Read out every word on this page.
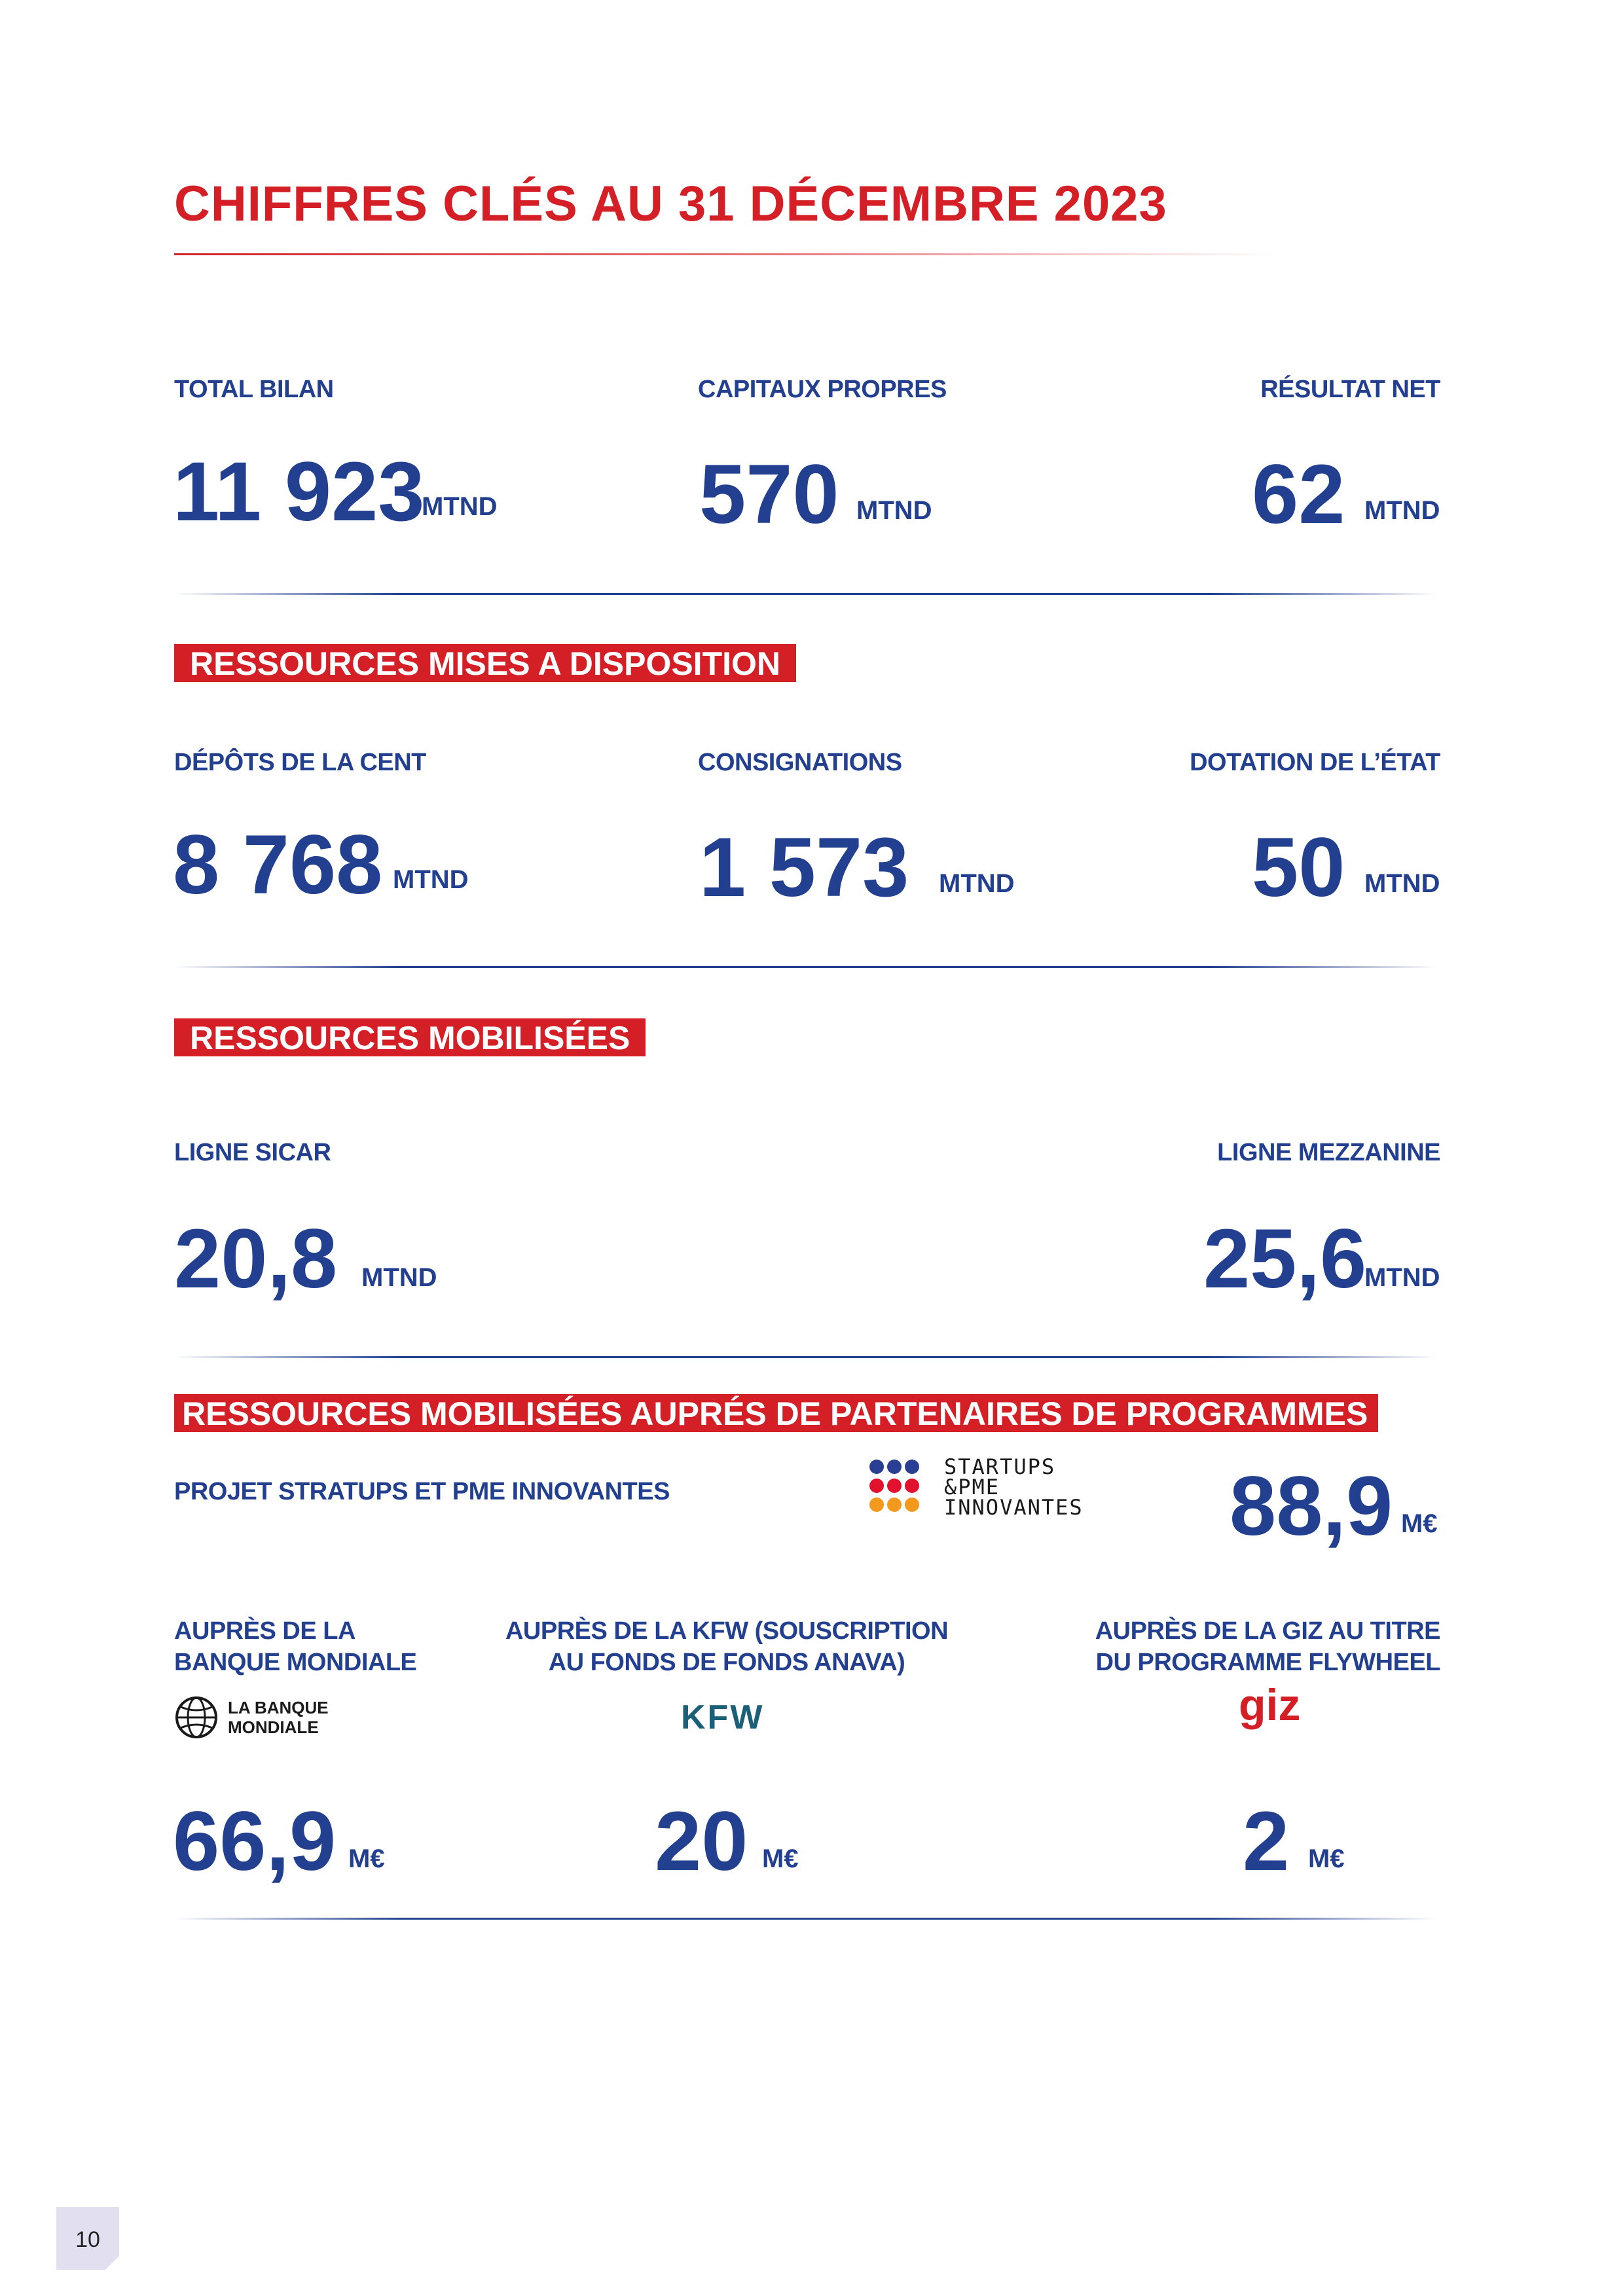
CHIFFRES CLÉS AU 31 DÉCEMBRE 2023
TOTAL BILAN
11 923
MTND
CAPITAUX PROPRES
570 MTND
RÉSULTAT NET
62 MTND
RESSOURCES MISES A DISPOSITION
DÉPÔTS DE LA CENT
8 768 MTND
CONSIGNATIONS
1 573 MTND
DOTATION DE L’ÉTAT
50 MTND
RESSOURCES MOBILISÉES
LIGNE SICAR
20,8 MTND
LIGNE MEZZANINE
25,6
MTND
RESSOURCES MOBILISÉES AUPRÉS DE PARTENAIRES DE PROGRAMMES
PROJET STRATUPS ET PME INNOVANTES
STARTUPS
&PME
INNOVANTES 88,9 M€
AUPRÈS DE LA BANQUE MONDIALE
LA BANQUE
MONDIALE
66,9 M€
AUPRÈS DE LA KFW (SOUSCRIPTION AU FONDS DE FONDS ANAVA)
KFW
20 M€
AUPRÈS DE LA GIZ AU TITRE DU PROGRAMME FLYWHEEL
giz
2 M€
10
